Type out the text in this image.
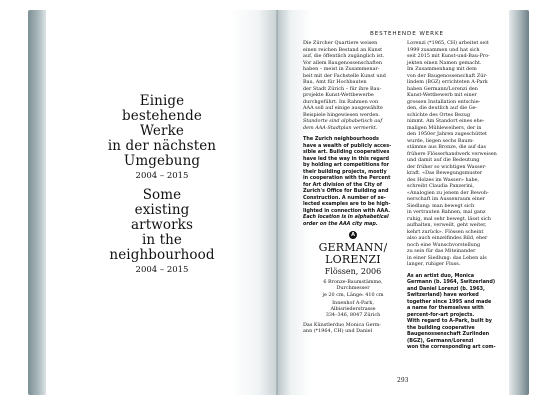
Einige
bestehende
Werke
in der nächsten
Umgebung
2004 – 2015
Some
existing
artworks
in the
neighbourhood
2004 – 2015
BESTEHENDE WERKE
Die Zürcher Quartiere weisen
einen reichen Bestand an Kunst
auf, die öffentlich zugänglich ist.
Vor allem Baugenossenschaften
haben – meist in Zusammenar-
beit mit der Fachstelle Kunst und
Bau, Amt für Hochbauten
der Stadt Zürich – für ihre Bau-
projekte Kunst-Wettbewerbe
durchgeführt. Im Rahmen von
AAA soll auf einige ausgewählte
Beispiele hingewiesen werden.
Standorte sind alphabetisch auf
dem AAA-Stadtplan vermerkt.
The Zurich neighbourhoods
have a wealth of publicly acces-
sible art. Building cooperatives
have led the way in this regard
by holding art competitions for
their building projects, mostly
in cooperation with the Percent
for Art division of the City of
Zurich's Office for Building and
Construction. A number of se-
lected examples are to be high-
lighted in connection with AAA.
Each location is in alphabetical
order on the AAA city map.
A
GERMANN/
LORENZI
Flössen, 2006
6 Bronze-Baumstämme,
Durchmesser
je 20 cm, Länge: 410 cm
Innenhof A-Park,
Albisriederstrasse
334–346, 8047 Zürich
Das Künstlerduo Monica Germ-
ann (*1964, CH) und Daniel
Lorenzi (*1965, CH) arbeitet seit
1999 zusammen und hat sich
seit 2015 mit Kunst-und-Bau-Pro-
jekten einen Namen gemacht.
Im Zusammenhang mit dem
von der Baugenossenschaft Zür-
lindem (BGZ) errichteten A-Park
haben Germann/Lorenzi den
Kunst-Wettbewerb mit einer
grossen Installation entschie-
den, die deutlich auf die Ge-
schichte des Ortes Bezug
nimmt. Am Standort eines ehe-
maligen Mühleweihers, der in
den 1950er Jahren zugeschüttet
wurde, liegen sechs Baum-
stämme aus Bronze, die auf das
frühere Flösserhandwerk verweisen
und damit auf die Bedeutung
der früher so wichtigen Wasser-
kraft. «Das Bewegungsmuster
des Holzes im Wasser» habe,
schreibt Claudia Panzerini,
«Analogien zu jenem der Bewoh-
nerschaft im Aussenraum einer
Siedlung: man bewegt sich
in vertrauten Bahnen, mal ganz
ruhig, mal sehr bewegt, lässt sich
aufhalten, verweilt, geht weiter,
kehrt zurück». Flössen scheint
also auch einzelfindes Bild, eher
noch eine Wunschvorstellung
zu sein für das Miteinander
in einer Siedlung: das Leben als
langer, ruhiger Fluss.
As an artist duo, Monica
Germann (b. 1964, Switzerland)
and Daniel Lorenzi (b. 1963,
Switzerland) have worked
together since 1995 and made
a name for themselves with
percent-for-art projects.
With regard to A-Park, built by
the building cooperative
Baugenossenschaft Zurlinden
(BGZ), Germann/Lorenzi
won the corresponding art com-
293
